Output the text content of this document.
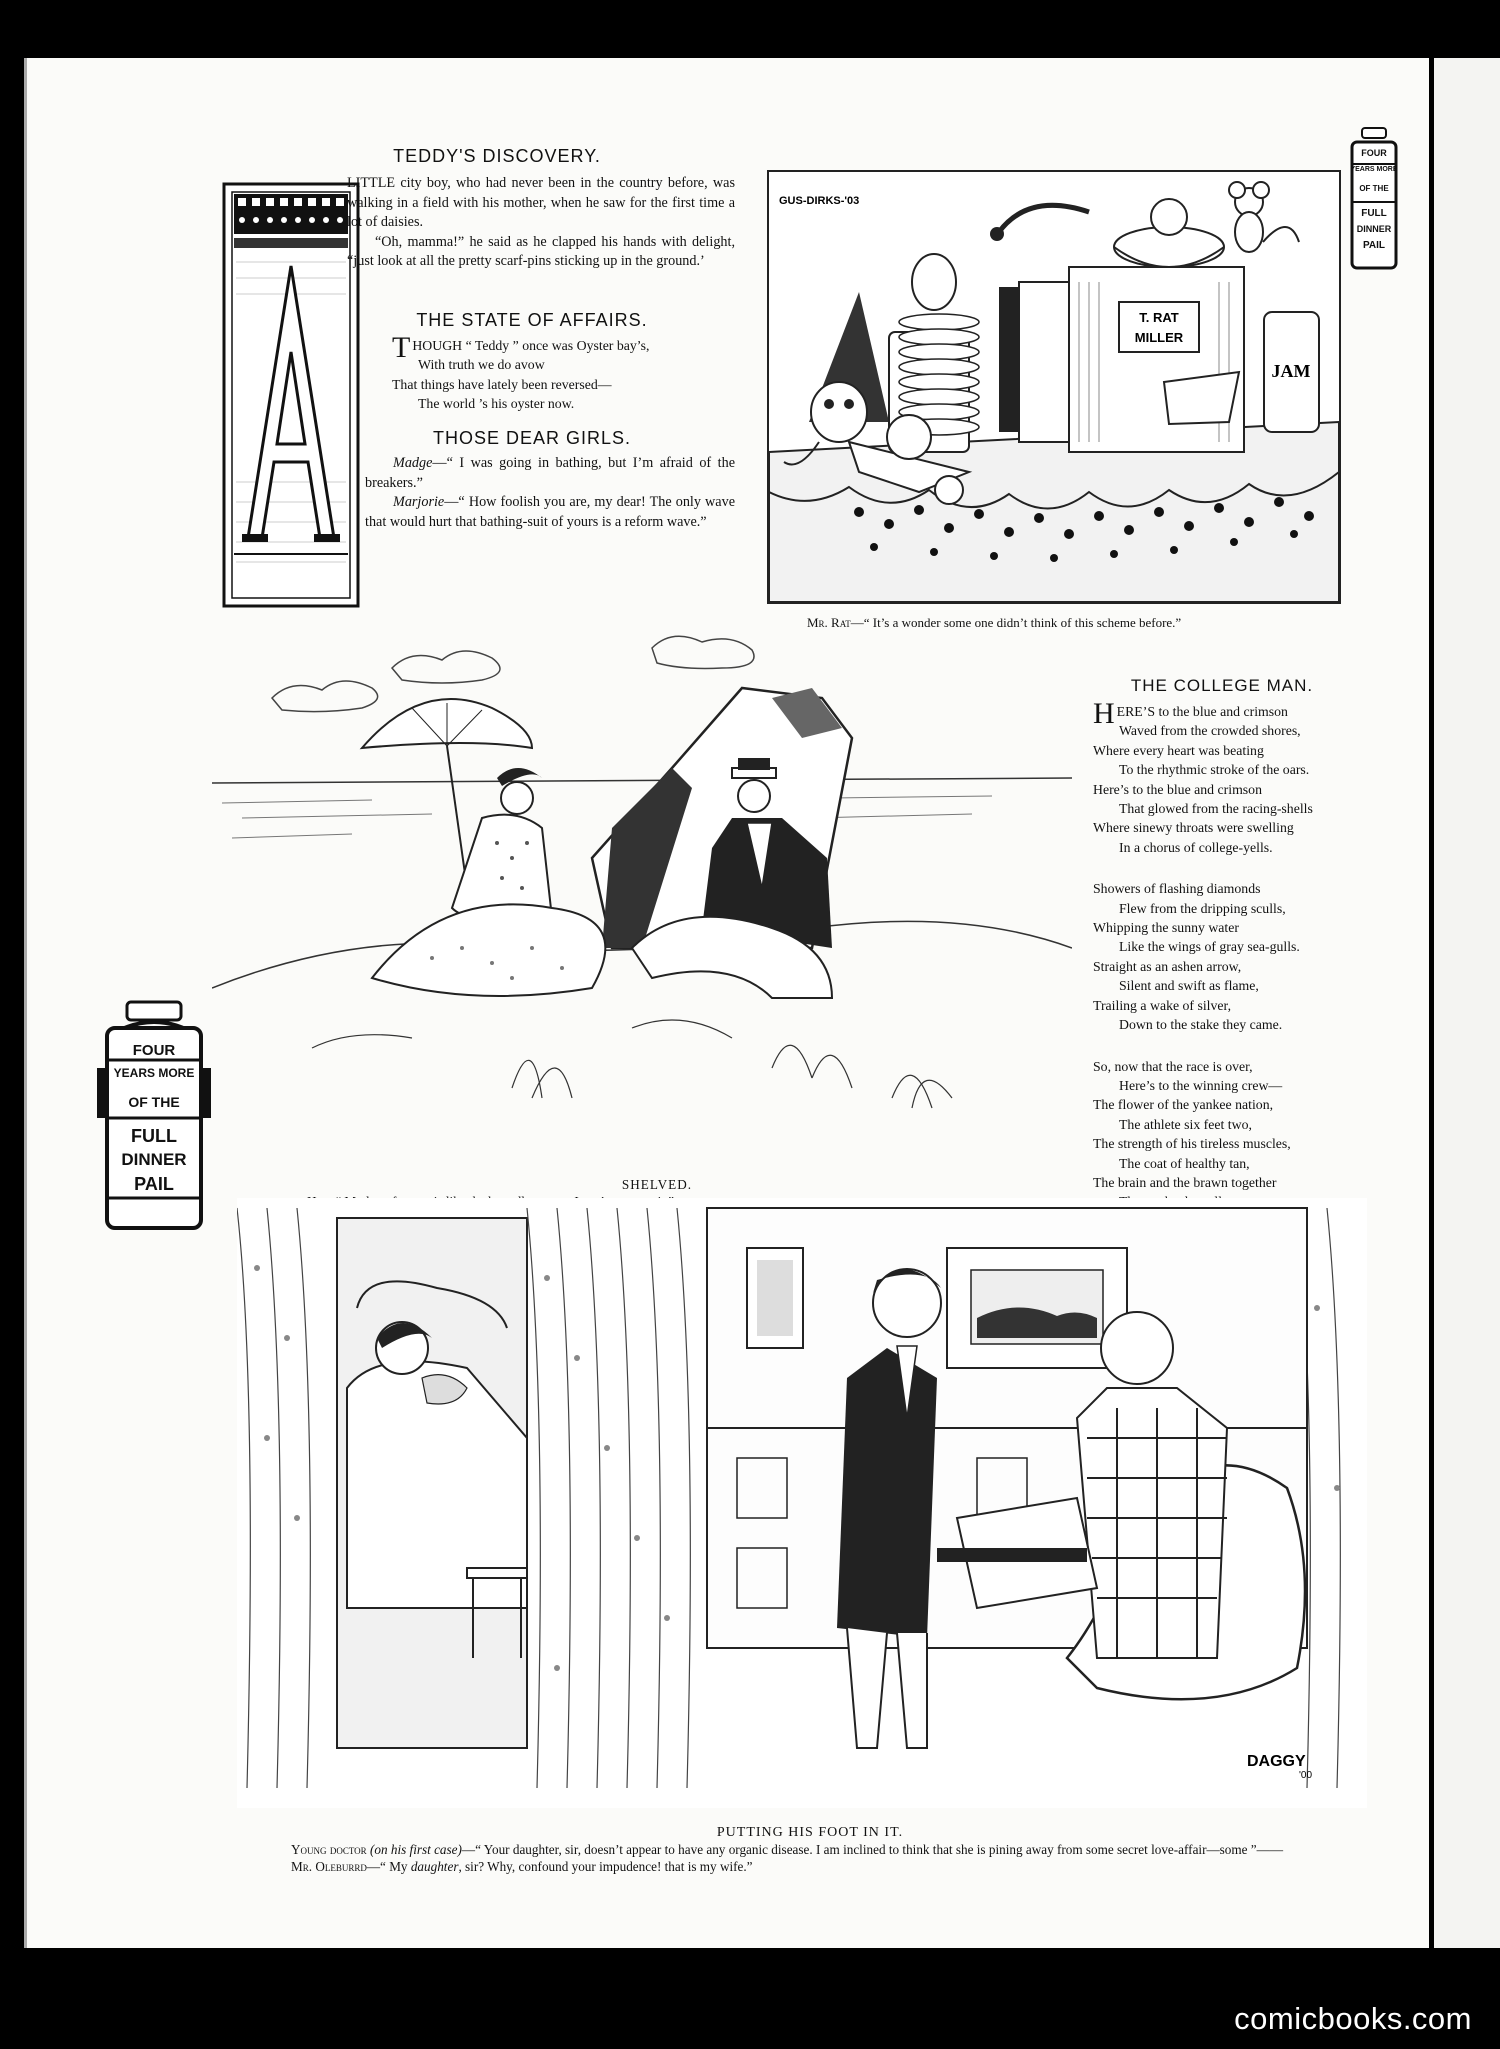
TEDDY'S DISCOVERY.

LITTLE city boy, who had never been in the country before, was walking in a field with his mother, when he saw for the first time a lot of daisies.

“Oh, mamma!” he said as he clapped his hands with delight, “just look at all the pretty scarf-pins sticking up in the ground.’

THE STATE OF AFFAIRS.
THOUGH “ Teddy ” once was Oyster bay’s,
With truth we do avow
That things have lately been reversed—
The world ’s his oyster now.
THOSE DEAR GIRLS.

Madge—“ I was going in bathing, but I’m afraid of the breakers.”

Marjorie—“ How foolish you are, my dear! The only wave that would hurt that bathing-suit of yours is a reform wave.”

T. RAT
MILLER
JAM
GUS-DIRKS-'03
Mr. Rat—“ It’s a wonder some one didn’t think of this scheme before.”
THE COLLEGE MAN.
HERE’S to the blue and crimson
Waved from the crowded shores,
Where every heart was beating
To the rhythmic stroke of the oars.
Here’s to the blue and crimson
That glowed from the racing-shells
Where sinewy throats were swelling
In a chorus of college-yells.
Showers of flashing diamonds
Flew from the dripping sculls,
Whipping the sunny water
Like the wings of gray sea-gulls.
Straight as an ashen arrow,
Silent and swift as flame,
Trailing a wake of silver,
Down to the stake they came.
So, now that the race is over,
Here’s to the winning crew—
The flower of the yankee nation,
The athlete six feet two,
The strength of his tireless muscles,
The coat of healthy tan,
The brain and the brawn together
SHELVED.
FOUR
YEARS MORE
OF THE
FULL
DINNER
PAIL
DAGGY
'00
PUTTING HIS FOOT IN IT.
Young doctor (on his first case)—“ Your daughter, sir, doesn’t appear to have any organic disease. I am inclined to think that she is pining away from some secret love-affair—some ”——
Mr. Oleburrd—“ My daughter, sir? Why, confound your impudence! that is my wife.”
FOUR
YEARS MORE
OF THE
FULL
DINNER
PAIL
comicbooks.com
